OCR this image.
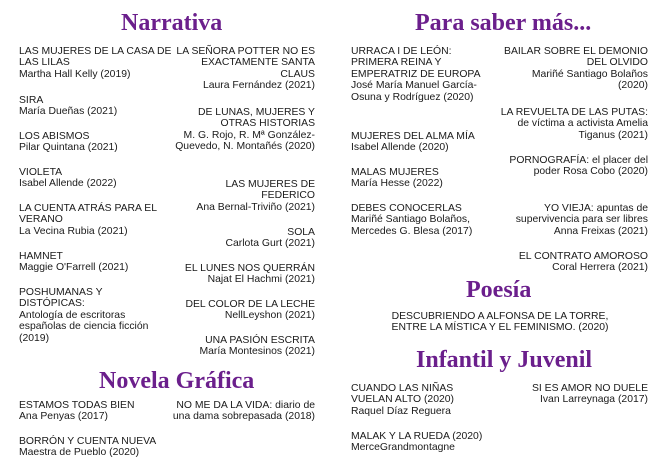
Narrativa
LAS MUJERES DE LA CASA DE LAS LILAS
Martha Hall Kelly (2019)
SIRA
María Dueñas (2021)
LOS ABISMOS
Pilar Quintana (2021)
VIOLETA
Isabel Allende (2022)
LA CUENTA ATRÁS PARA EL VERANO
La Vecina Rubia (2021)
HAMNET
Maggie O'Farrell (2021)
POSHUMANAS Y DISTÓPICAS:
Antología de escritoras españolas de ciencia ficción (2019)
LA SEÑORA POTTER NO ES EXACTAMENTE SANTA CLAUS
Laura Fernández (2021)
DE LUNAS, MUJERES Y OTRAS HISTORIAS
M. G. Rojo, R. Mª González-Quevedo, N. Montañés (2020)
LAS MUJERES DE FEDERICO
Ana Bernal-Triviño (2021)
SOLA
Carlota Gurt (2021)
EL LUNES NOS QUERRÁN
Najat El Hachmi (2021)
DEL COLOR DE LA LECHE
NellLeyshon (2021)
UNA PASIÓN ESCRITA
María Montesinos (2021)
Novela Gráfica
ESTAMOS TODAS BIEN
Ana Penyas (2017)
BORRÓN Y CUENTA NUEVA
Maestra de Pueblo (2020)
NO ME DA LA VIDA: diario de una dama sobrepasada (2018)
Para saber más...
URRACA I DE LEÓN: PRIMERA REINA Y EMPERATRIZ DE EUROPA
José María Manuel García-Osuna y Rodríguez (2020)
MUJERES DEL ALMA MÍA
Isabel Allende (2020)
MALAS MUJERES
María Hesse (2022)
DEBES CONOCERLAS
Mariñé Santiago Bolaños, Mercedes G. Blesa (2017)
BAILAR SOBRE EL DEMONIO DEL OLVIDO
Mariñé Santiago Bolaños (2020)
LA REVUELTA DE LAS PUTAS:
de víctima a activista Amelia Tiganus (2021)
PORNOGRAFÍA: el placer del poder Rosa Cobo (2020)
YO VIEJA: apuntas de supervivencia para ser libres Anna Freixas (2021)
EL CONTRATO AMOROSO
Coral Herrera (2021)
Poesía
DESCUBRIENDO A ALFONSA DE LA TORRE, ENTRE LA MÍSTICA Y EL FEMINISMO. (2020)
Infantil y Juvenil
CUANDO LAS NIÑAS VUELAN ALTO (2020) Raquel Díaz Reguera
MALAK Y LA RUEDA (2020) MerceGrandmontagne
SI ES AMOR NO DUELE
Ivan Larreynaga (2017)
